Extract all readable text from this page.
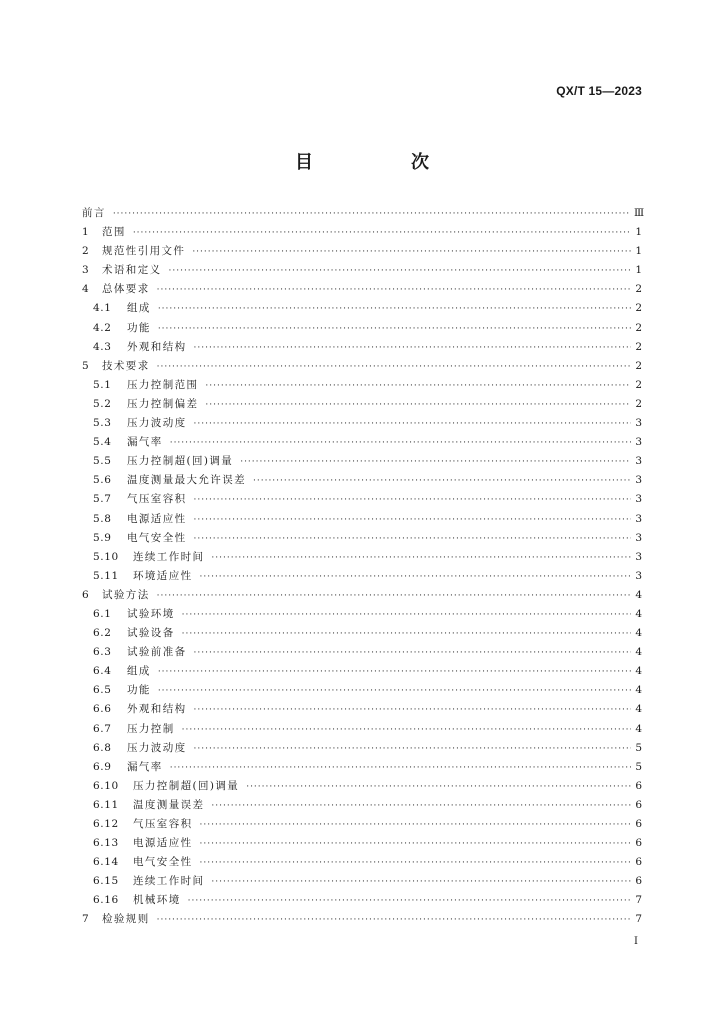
QX/T 15—2023
目　次
前言 ·····	Ⅲ
1	范围 ·····	1
2	规范性引用文件 ·····	1
3	术语和定义 ·····	1
4	总体要求 ·····	2
4.1	组成 ·····	2
4.2	功能 ·····	2
4.3	外观和结构 ·····	2
5	技术要求 ·····	2
5.1	压力控制范围 ·····	2
5.2	压力控制偏差 ·····	2
5.3	压力波动度 ·····	3
5.4	漏气率 ·····	3
5.5	压力控制超(回)调量 ·····	3
5.6	温度测量最大允许误差 ·····	3
5.7	气压室容积 ·····	3
5.8	电源适应性 ·····	3
5.9	电气安全性 ·····	3
5.10	连续工作时间 ·····	3
5.11	环境适应性 ·····	3
6	试验方法 ·····	4
6.1	试验环境 ·····	4
6.2	试验设备 ·····	4
6.3	试验前准备 ·····	4
6.4	组成 ·····	4
6.5	功能 ·····	4
6.6	外观和结构 ·····	4
6.7	压力控制 ·····	4
6.8	压力波动度 ·····	5
6.9	漏气率 ·····	5
6.10	压力控制超(回)调量 ·····	6
6.11	温度测量误差 ·····	6
6.12	气压室容积 ·····	6
6.13	电源适应性 ·····	6
6.14	电气安全性 ·····	6
6.15	连续工作时间 ·····	6
6.16	机械环境 ·····	7
7	检验规则 ·····	7
I
